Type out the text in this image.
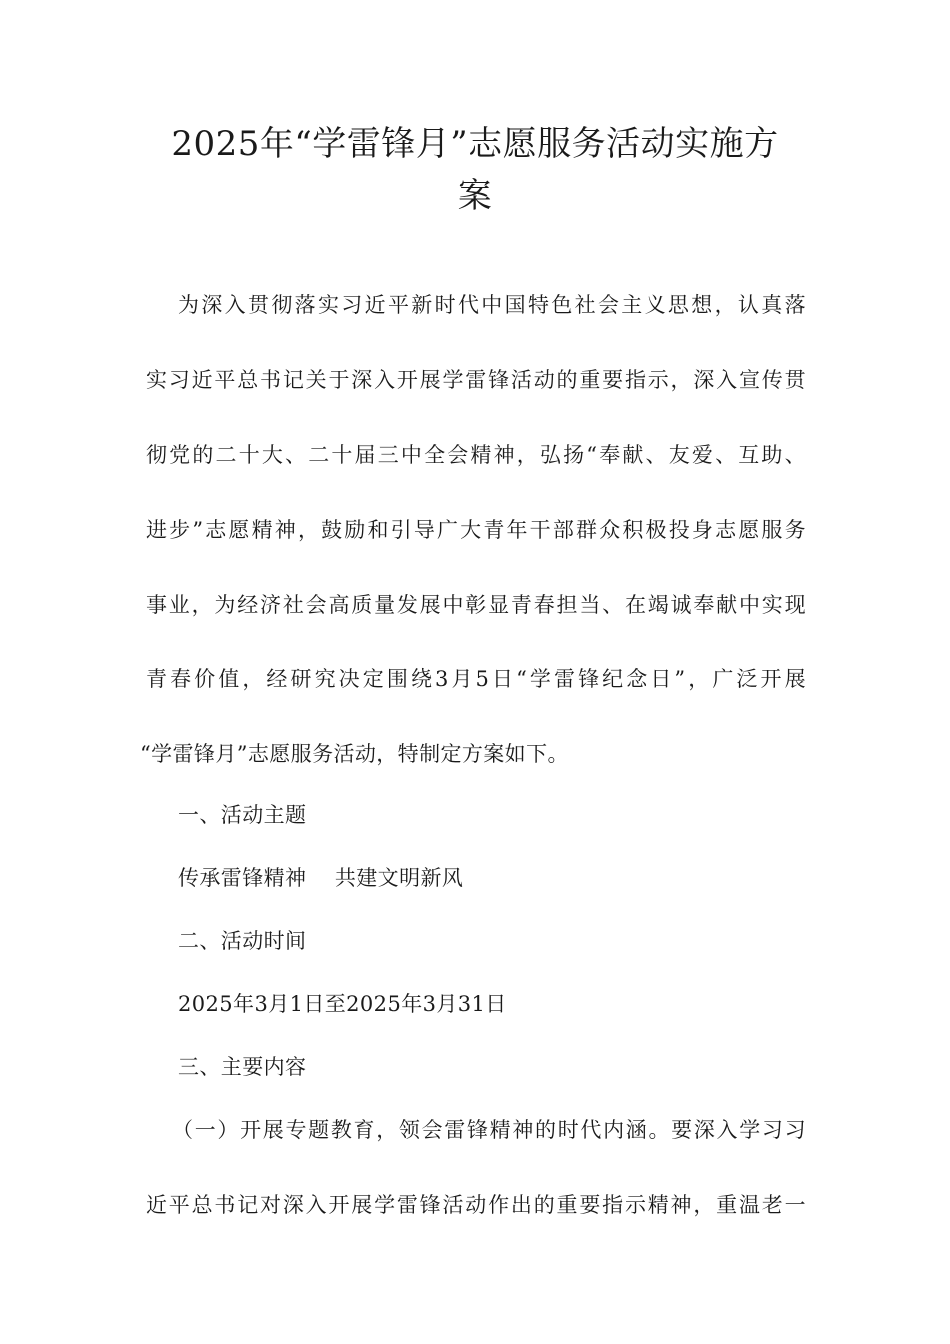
2025年“学雷锋月”志愿服务活动实施方
案
为深入贯彻落实习近平新时代中国特色社会主义思想，认真落
实习近平总书记关于深入开展学雷锋活动的重要指示，深入宣传贯
彻党的二十大、二十届三中全会精神，弘扬“奉献、友爱、互助、
进步”志愿精神，鼓励和引导广大青年干部群众积极投身志愿服务
事业，为经济社会高质量发展中彰显青春担当、在竭诚奉献中实现
青春价值，经研究决定围绕3月5日“学雷锋纪念日”，广泛开展
“学雷锋月”志愿服务活动，特制定方案如下。
一、活动主题
传承雷锋精神　 共建文明新风
二、活动时间
2025年3月1日至2025年3月31日
三、主要内容
（一）开展专题教育，领会雷锋精神的时代内涵。要深入学习习
近平总书记对深入开展学雷锋活动作出的重要指示精神，重温老一
